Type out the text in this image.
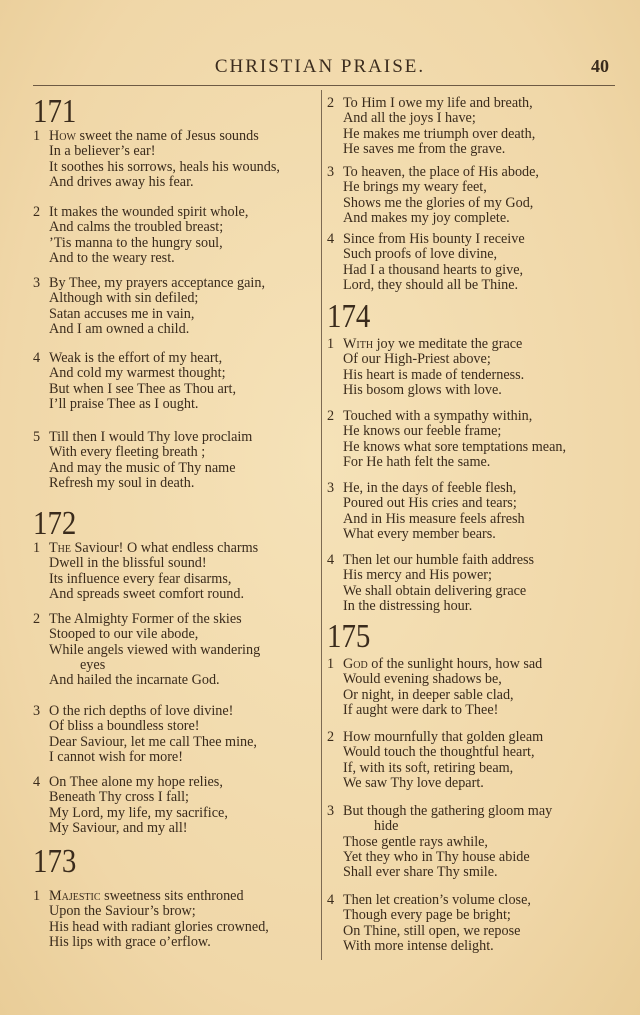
CHRISTIAN PRAISE.	40
171
1 How sweet the name of Jesus sounds
In a believer’s ear!
It soothes his sorrows, heals his wounds,
And drives away his fear.
2 It makes the wounded spirit whole,
And calms the troubled breast;
’Tis manna to the hungry soul,
And to the weary rest.
3 By Thee, my prayers acceptance gain,
Although with sin defiled;
Satan accuses me in vain,
And I am owned a child.
4 Weak is the effort of my heart,
And cold my warmest thought;
But when I see Thee as Thou art,
I’ll praise Thee as I ought.
5 Till then I would Thy love proclaim
With every fleeting breath ;
And may the music of Thy name
Refresh my soul in death.
172
1 The Saviour! O what endless charms
Dwell in the blissful sound!
Its influence every fear disarms,
And spreads sweet comfort round.
2 The Almighty Former of the skies
Stooped to our vile abode,
While angels viewed with wandering
eyes
And hailed the incarnate God.
3 O the rich depths of love divine!
Of bliss a boundless store!
Dear Saviour, let me call Thee mine,
I cannot wish for more!
4 On Thee alone my hope relies,
Beneath Thy cross I fall;
My Lord, my life, my sacrifice,
My Saviour, and my all!
173
1 Majestic sweetness sits enthroned
Upon the Saviour’s brow;
His head with radiant glories crowned,
His lips with grace o’erflow.
2 To Him I owe my life and breath,
And all the joys I have;
He makes me triumph over death,
He saves me from the grave.
3 To heaven, the place of His abode,
He brings my weary feet,
Shows me the glories of my God,
And makes my joy complete.
4 Since from His bounty I receive
Such proofs of love divine,
Had I a thousand hearts to give,
Lord, they should all be Thine.
174
1 With joy we meditate the grace
Of our High-Priest above;
His heart is made of tenderness.
His bosom glows with love.
2 Touched with a sympathy within,
He knows our feeble frame;
He knows what sore temptations mean,
For He hath felt the same.
3 He, in the days of feeble flesh,
Poured out His cries and tears;
And in His measure feels afresh
What every member bears.
4 Then let our humble faith address
His mercy and His power;
We shall obtain delivering grace
In the distressing hour.
175
1 God of the sunlight hours, how sad
Would evening shadows be,
Or night, in deeper sable clad,
If aught were dark to Thee!
2 How mournfully that golden gleam
Would touch the thoughtful heart,
If, with its soft, retiring beam,
We saw Thy love depart.
3 But though the gathering gloom may
hide
Those gentle rays awhile,
Yet they who in Thy house abide
Shall ever share Thy smile.
4 Then let creation’s volume close,
Though every page be bright;
On Thine, still open, we repose
With more intense delight.
